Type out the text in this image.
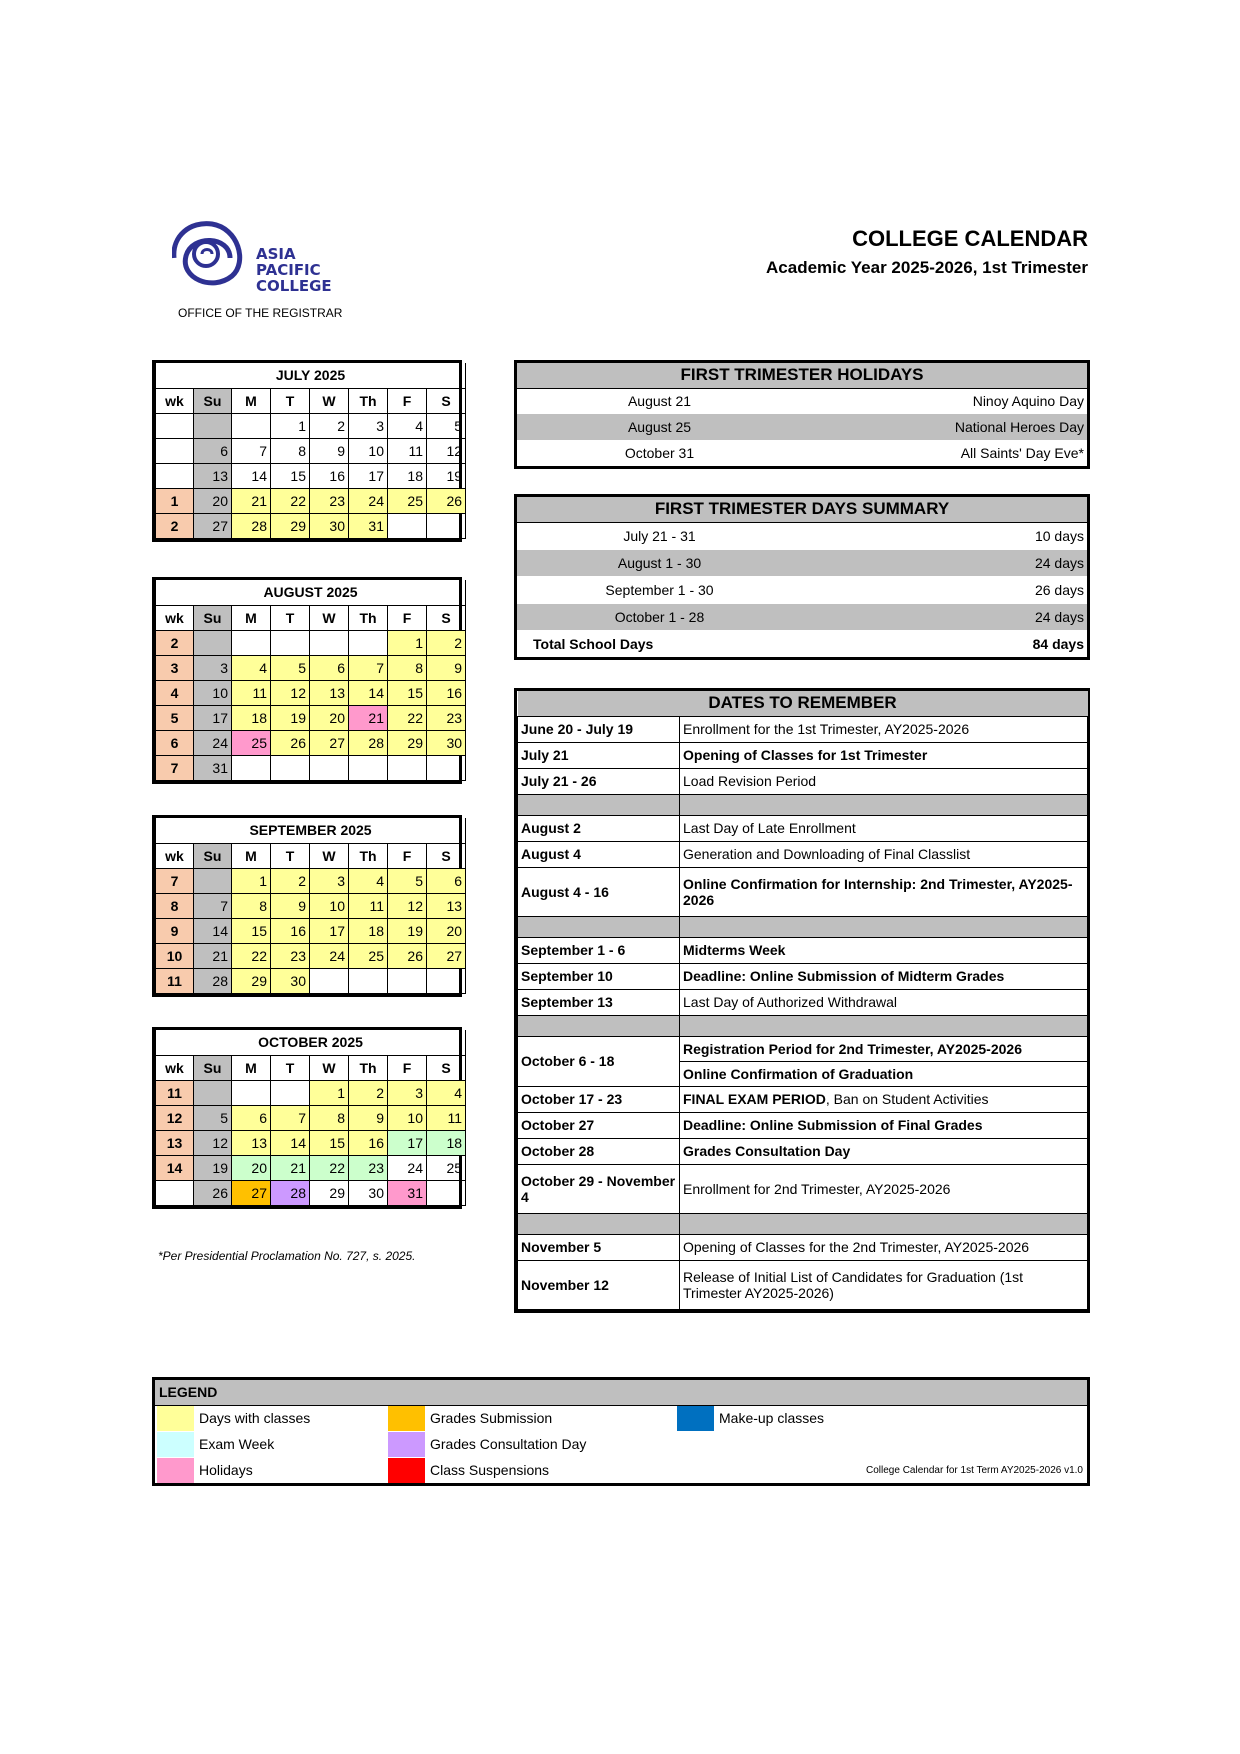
ASIA
PACIFIC
COLLEGE
OFFICE OF THE REGISTRAR
COLLEGE CALENDAR
Academic Year 2025-2026, 1st Trimester
JULY 2025							
wk	Su	M	T	W	Th	F	S
			1	2	3	4	5
	6	7	8	9	10	11	12
	13	14	15	16	17	18	19
1	20	21	22	23	24	25	26
2	27	28	29	30	31		
AUGUST 2025							
wk	Su	M	T	W	Th	F	S
2						1	2
3	3	4	5	6	7	8	9
4	10	11	12	13	14	15	16
5	17	18	19	20	21	22	23
6	24	25	26	27	28	29	30
7	31						
SEPTEMBER 2025							
wk	Su	M	T	W	Th	F	S
7		1	2	3	4	5	6
8	7	8	9	10	11	12	13
9	14	15	16	17	18	19	20
10	21	22	23	24	25	26	27
11	28	29	30				
OCTOBER 2025							
wk	Su	M	T	W	Th	F	S
11				1	2	3	4
12	5	6	7	8	9	10	11
13	12	13	14	15	16	17	18
14	19	20	21	22	23	24	25
	26	27	28	29	30	31	
FIRST TRIMESTER HOLIDAYS	
August 21	Ninoy Aquino Day
August 25	National Heroes Day
October 31	All Saints' Day Eve*
FIRST TRIMESTER DAYS SUMMARY	
July 21 - 31	10 days
August 1 - 30	24 days
September 1 - 30	26 days
October 1 - 28	24 days
Total School Days	84 days
DATES TO REMEMBER	
June 20 - July 19	Enrollment for the 1st Trimester, AY2025-2026
July 21	Opening of Classes for 1st Trimester
July 21 - 26	Load Revision Period

August 2	Last Day of Late Enrollment
August 4	Generation and Downloading of Final Classlist
August 4 - 16	Online Confirmation for Internship: 2nd Trimester, AY2025-2026

September 1 - 6	Midterms Week
September 10	Deadline: Online Submission of Midterm Grades
September 13	Last Day of Authorized Withdrawal

October 6 - 18	Registration Period for 2nd Trimester, AY2025-2026
	Online Confirmation of Graduation
October 17 - 23	FINAL EXAM PERIOD, Ban on Student Activities
October 27	Deadline: Online Submission of Final Grades
October 28	Grades Consultation Day
October 29 - November 4	Enrollment for 2nd Trimester, AY2025-2026

November 5	Opening of Classes for the 2nd Trimester, AY2025-2026
November 12	Release of Initial List of Candidates for Graduation (1st Trimester AY2025-2026)
*Per Presidential Proclamation No. 727, s. 2025.
LEGEND
Days with classes
Exam Week
Holidays
Grades Submission
Grades Consultation Day
Class Suspensions
Make-up classes
College Calendar for 1st Term AY2025-2026 v1.0
